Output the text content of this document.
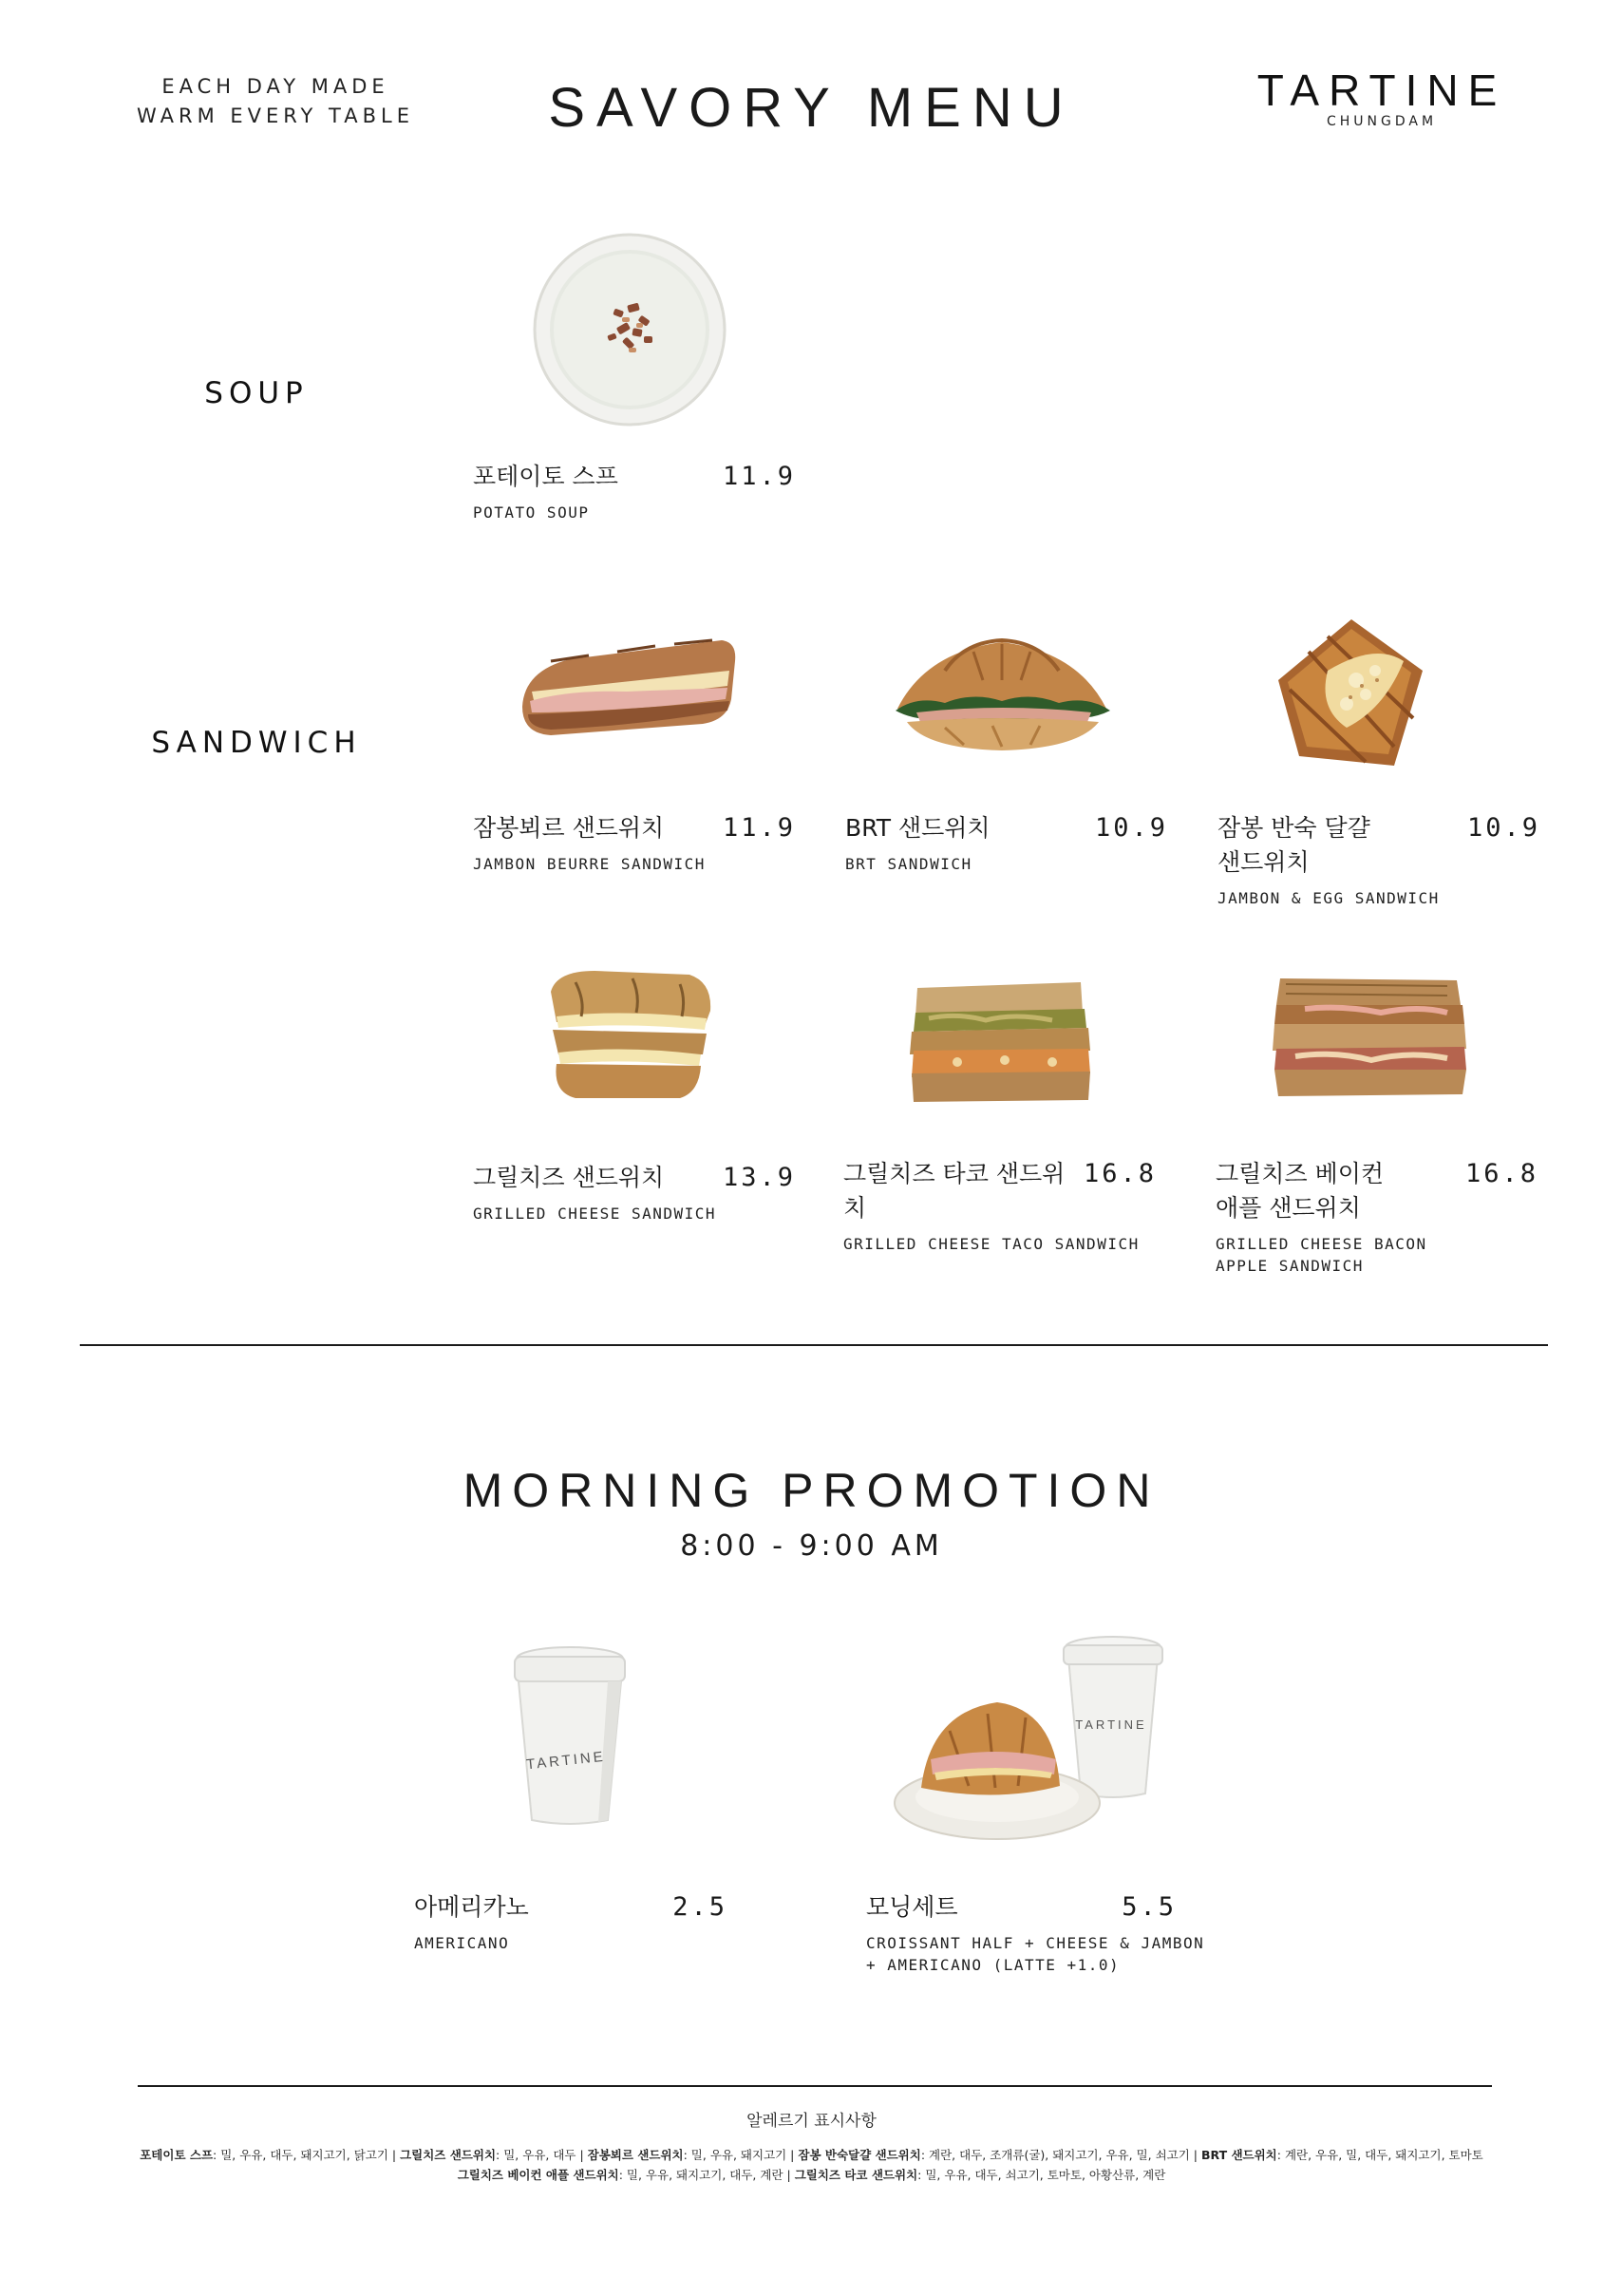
EACH DAY MADE
WARM EVERY TABLE	SAVORY MENU	TARTINE
CHUNGDAM
SOUP
포테이토 스프	11.9
POTATO SOUP
SANDWICH
잠봉뵈르 샌드위치 11.9
JAMBON BEURRE SANDWICH
BRT 샌드위치	10.9
BRT SANDWICH
잠봉 반숙 달걀
샌드위치
10.9
JAMBON & EGG SANDWICH
그릴치즈 샌드위치 13.9
GRILLED CHEESE SANDWICH
그릴치즈 타코 샌드위치
16.8
GRILLED CHEESE TACO SANDWICH
그릴치즈 베이컨
애플 샌드위치
16.8
GRILLED CHEESE BACON
APPLE SANDWICH
MORNING PROMOTION
8:00 - 9:00 AM
TARTINE
TARTINE
아메리카노	2.5
AMERICANO
모닝세트	5.5
CROISSANT HALF + CHEESE & JAMBON
+ AMERICANO (LATTE +1.0)
알레르기 표시사항
포테이토 스프: 밀, 우유, 대두, 돼지고기, 닭고기 | 그릴치즈 샌드위치: 밀, 우유, 대두 | 잠봉뵈르 샌드위치: 밀, 우유, 돼지고기 | 잠봉 반숙달걀 샌드위치: 계란, 대두, 조개류(굴), 돼지고기, 우유, 밀, 쇠고기 | BRT 샌드위치: 계란, 우유, 밀, 대두, 돼지고기, 토마토
그릴치즈 베이컨 애플 샌드위치: 밀, 우유, 돼지고기, 대두, 계란 | 그릴치즈 타코 샌드위치: 밀, 우유, 대두, 쇠고기, 토마토, 아황산류, 계란
